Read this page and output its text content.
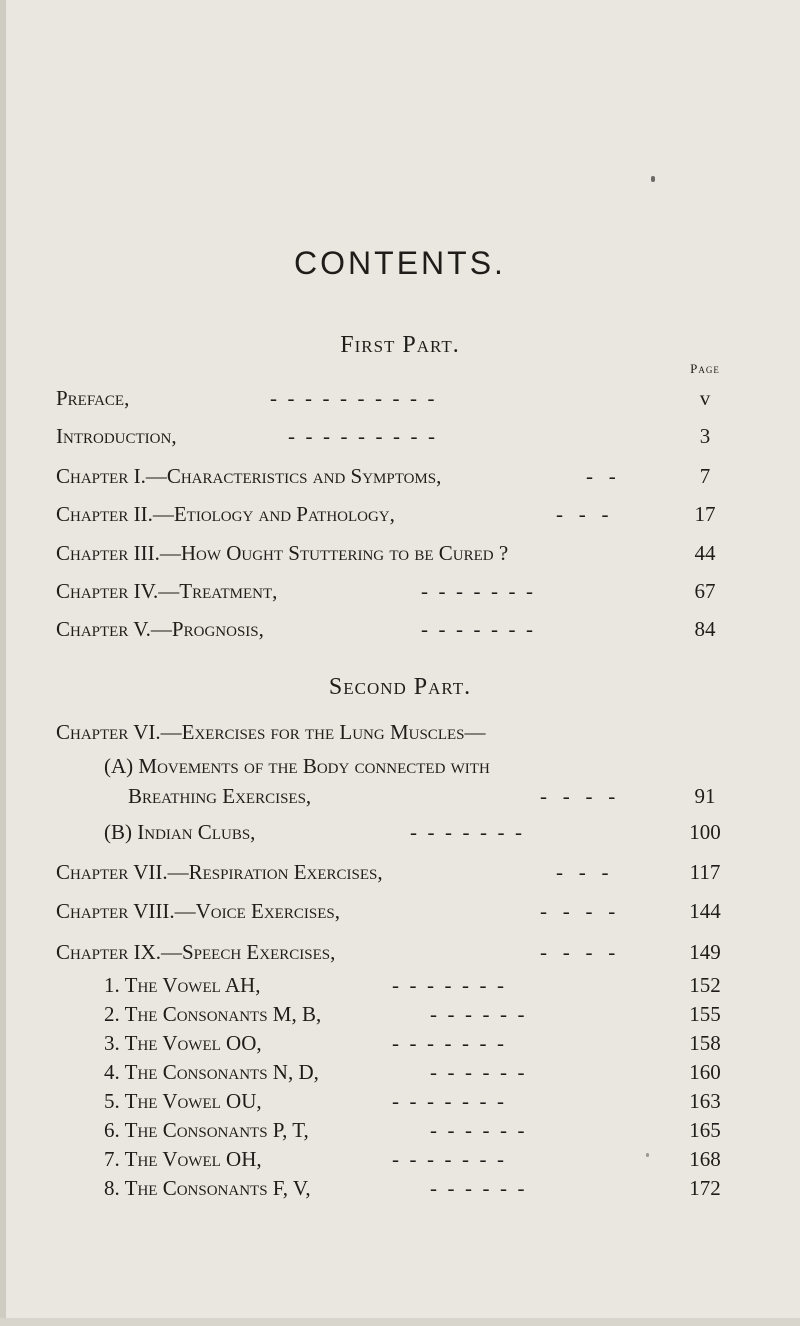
CONTENTS.
First Part.
Page
Preface,	-  -  -  -  -  -  -  -  -  -	v
Introduction,	-  -  -  -  -  -  -  -  -	3
Chapter I.—Characteristics and Symptoms,	-   -	7
Chapter II.—Etiology and Pathology,	-   -   -	17
Chapter III.—How Ought Stuttering to be Cured ?	44
Chapter IV.—Treatment,	-  -  -  -  -  -  -	67
Chapter V.—Prognosis,	-  -  -  -  -  -  -	84
Second Part.
Chapter VI.—Exercises for the Lung Muscles—
(A) Movements of the Body connected with
Breathing Exercises,	-   -   -   -	91
(B) Indian Clubs,	-  -  -  -  -  -  -	100
Chapter VII.—Respiration Exercises,	-   -   -	117
Chapter VIII.—Voice Exercises,	-   -   -   -	144
Chapter IX.—Speech Exercises,	-   -   -   -	149
1. The Vowel AH,	-  -  -  -  -  -  -	152
2. The Consonants M, B,	-  -  -  -  -  -	155
3. The Vowel OO,	-  -  -  -  -  -  -	158
4. The Consonants N, D,	-  -  -  -  -  -	160
5. The Vowel OU,	-  -  -  -  -  -  -	163
6. The Consonants P, T,	-  -  -  -  -  -	165
7. The Vowel OH,	-  -  -  -  -  -  -	168
8. The Consonants F, V,	-  -  -  -  -  -	172
